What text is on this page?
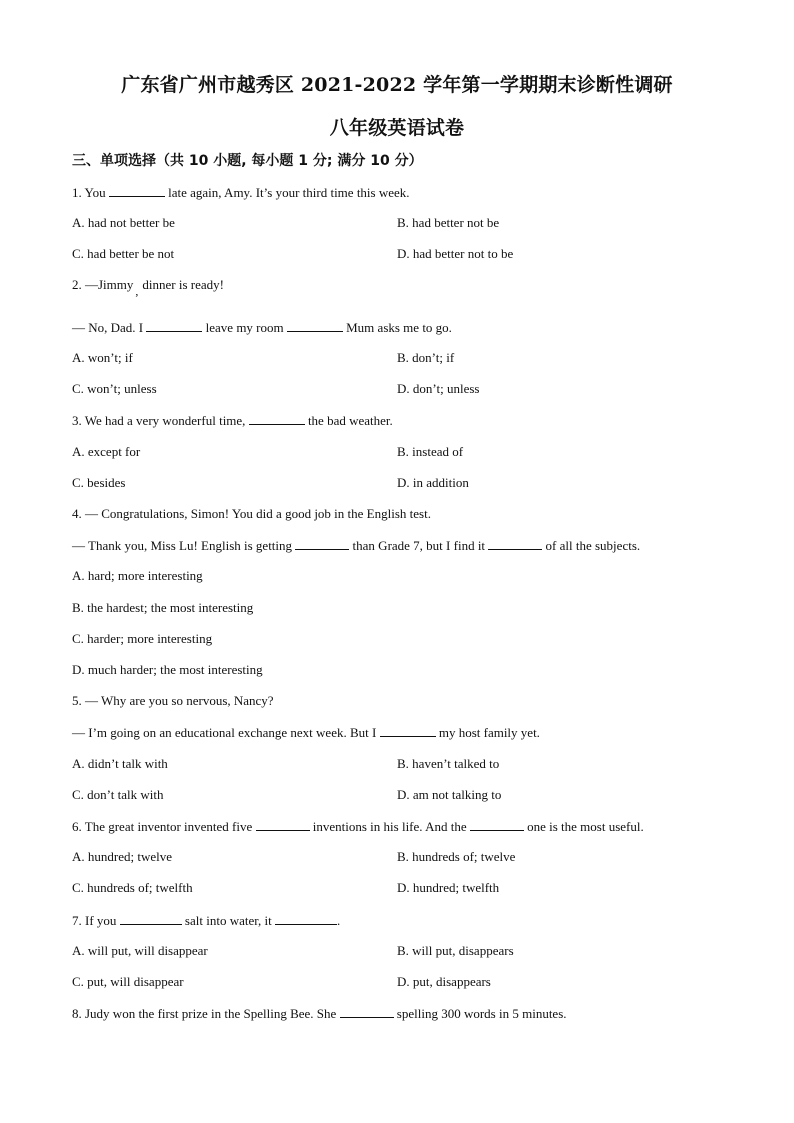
广东省广州市越秀区 2021-2022 学年第一学期期末诊断性调研
八年级英语试卷
三、单项选择（共 10 小题, 每小题 1 分; 满分 10 分）
1. You	late again, Amy. It’s your third time this week.
A. had not better be	B. had better not be
C. had better be not	D. had better not to be
2. —Jimmy , dinner is ready!
— No, Dad. I	leave my room	Mum asks me to go.
A. won’t; if	B. don’t; if
C. won’t; unless	D. don’t; unless
3. We had a very wonderful time,	the bad weather.
A. except for	B. instead of
C. besides	D. in addition
4. — Congratulations, Simon! You did a good job in the English test.
— Thank you, Miss Lu! English is getting	than Grade 7, but I find it	of all the subjects.
A. hard; more interesting
B. the hardest; the most interesting
C. harder; more interesting
D. much harder; the most interesting
5. — Why are you so nervous, Nancy?
— I’m going on an educational exchange next week. But I	my host family yet.
A. didn’t talk with	B. haven’t talked to
C. don’t talk with	D. am not talking to
6. The great inventor invented five	inventions in his life. And the	one is the most useful.
A. hundred; twelve	B. hundreds of; twelve
C. hundreds of; twelfth	D. hundred; twelfth
7. If you	salt into water, it	.
A. will put, will disappear	B. will put, disappears
C. put, will disappear	D. put, disappears
8. Judy won the first prize in the Spelling Bee. She	spelling 300 words in 5 minutes.
